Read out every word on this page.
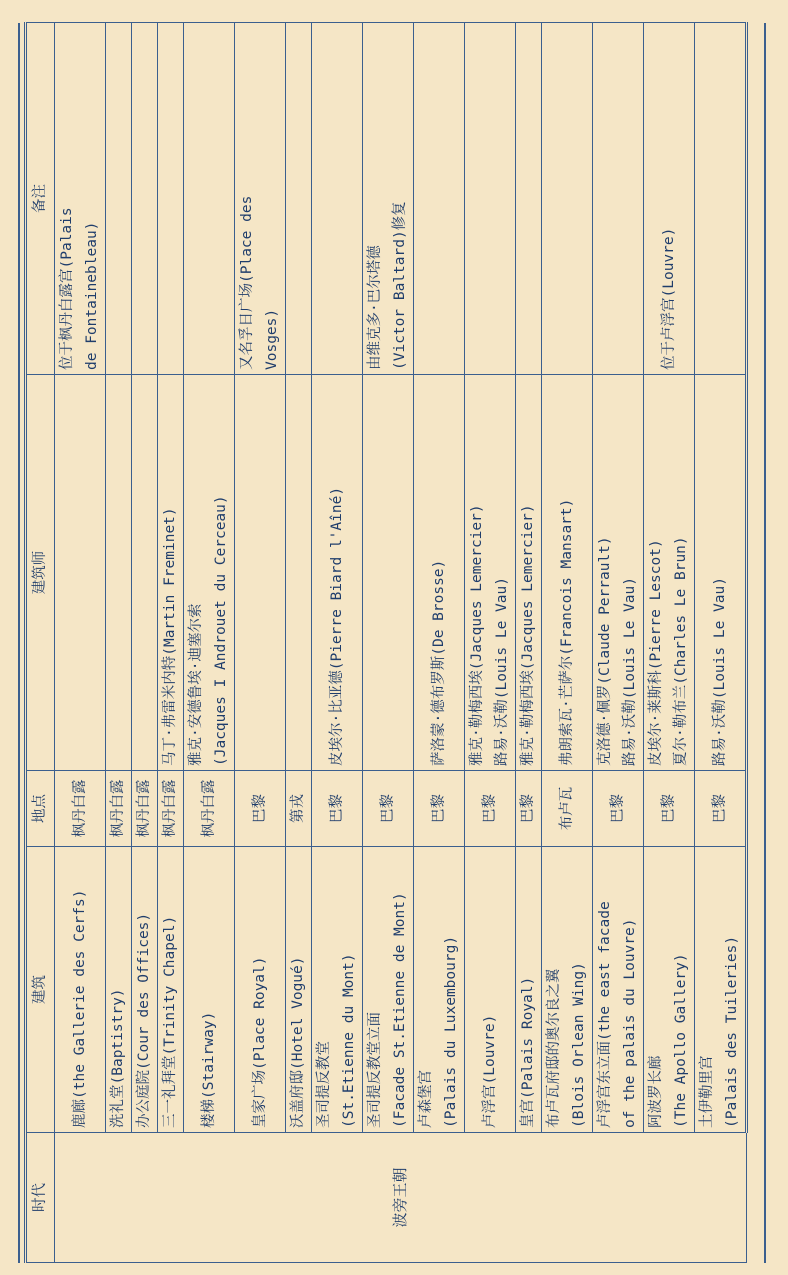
时代	建筑	地点	建筑师	备注
波旁王朝	鹿廊(the Gallerie des Cerfs)	枫丹白露		位于枫丹白露宫(Palais de Fontainebleau)

	洗礼堂(Baptistry)	枫丹白露		

	办公庭院(Cour des Offices)	枫丹白露		

	三一礼拜堂(Trinity Chapel)	枫丹白露	马丁·弗雷米内特(Martin Freminet)	

	楼梯(Stairway)	枫丹白露	雅克·安德鲁埃·迪塞尔索 (Jacques I Androuet du Cerceau)	

	皇家广场(Place Royal)	巴黎		又名孚日广场(Place des Vosges)

	沃盖府邸(Hotel Vogué)	第戎		

	圣司提反教堂 (St.Etienne du Mont)	巴黎	皮埃尔·比亚德(Pierre Biard l'Aîné)	

	圣司提反教堂立面 (Facade St.Etienne de Mont)	巴黎		由维克多·巴尔塔德 (Victor Baltard)修复

	卢森堡宫 (Palais du Luxembourg)	巴黎	萨洛蒙·德布罗斯(De Brosse)	

	卢浮宫(Louvre)	巴黎	雅克·勒梅西埃(Jacques Lemercier) 路易·沃勒(Louis Le Vau)	

	皇宫(Palais Royal)	巴黎	雅克·勒梅西埃(Jacques Lemercier)	

	布卢瓦府邸的奥尔良之翼 (Blois Orlean Wing)	布卢瓦	弗朗索瓦·芒萨尔(Francois Mansart)	

	卢浮宫东立面(the east facade of the palais du Louvre)	巴黎	克洛德·佩罗(Claude Perrault) 路易·沃勒(Louis Le Vau)	

	阿波罗长廊 (The Apollo Gallery)	巴黎	皮埃尔·莱斯科(Pierre Lescot) 夏尔·勒布兰(Charles Le Brun)	位于卢浮宫(Louvre)

	土伊勒里宫 (Palais des Tuileries)	巴黎	路易·沃勒(Louis Le Vau)	
